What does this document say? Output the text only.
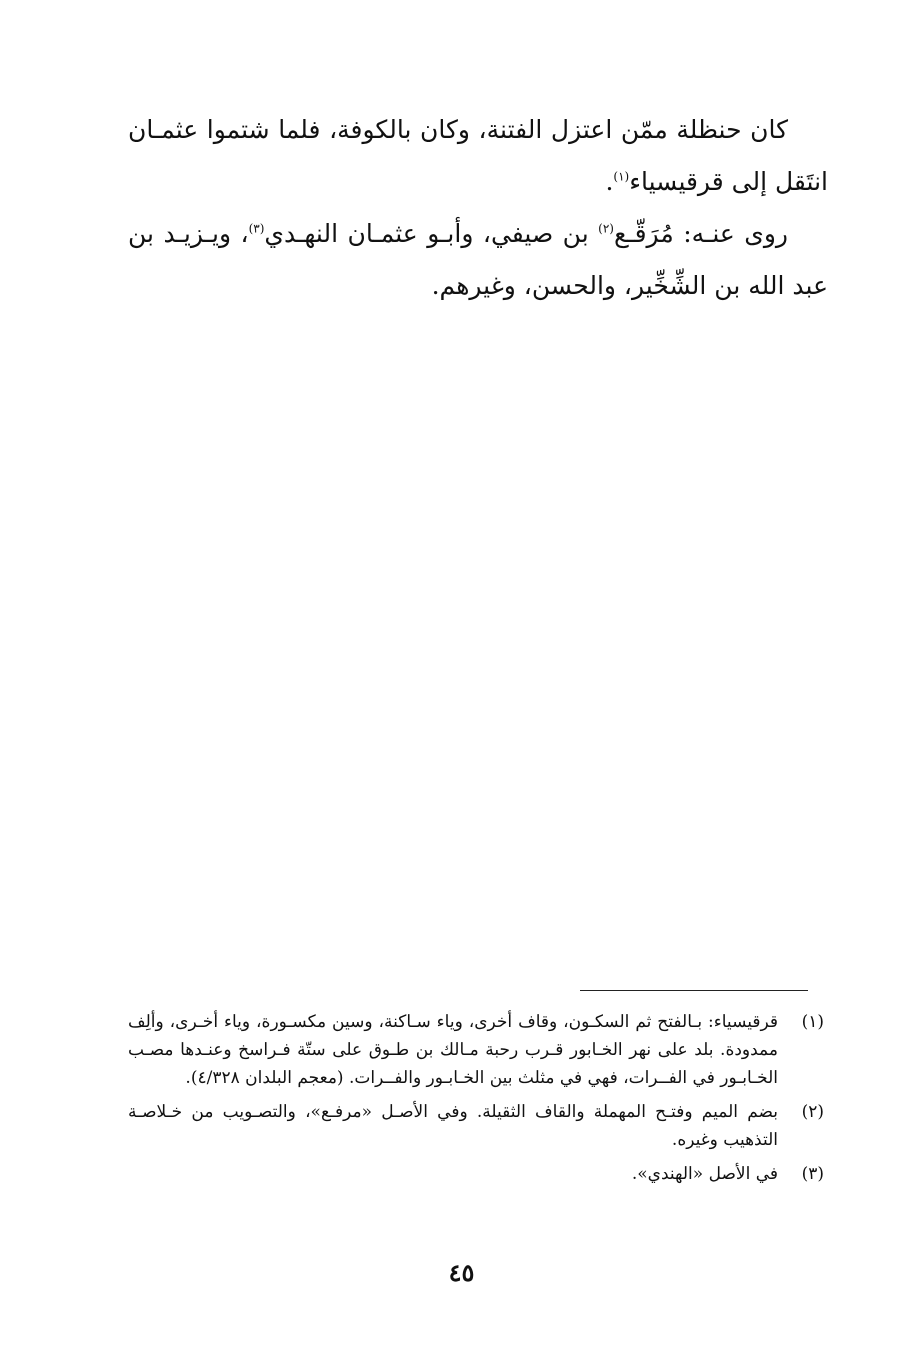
كان حنظلة ممّن اعتزل الفتنة، وكان بالكوفة، فلما شتموا عثمـان انتَقل إلى قرقيسياء$^{(١)}$.

روى عنـه: مُرَقّـع$^{(٢)}$ بن صيفي، وأبـو عثمـان النهـدي$^{(٣)}$، ويـزيـد بن عبد الله بن الشِّخِّير، والحسن، وغيرهم.

(١)
قرقيسياء: بـالفتح ثم السكـون، وقاف أخرى، وياء سـاكنة، وسين مكسـورة، وياء أخـرى، وألِف ممدودة. بلد على نهر الخـابور قـرب رحبة مـالك بن طـوق على ستّة فـراسخ وعنـدها مصـب الخـابـور في الفــرات، فهي في مثلث بين الخـابـور والفــرات. (معجم البلدان ٤/٣٢٨).
(٢)
بضم الميم وفتـح المهملة والقاف الثقيلة. وفي الأصـل «مرفـع»، والتصـويب من خـلاصـة التذهيب وغيره.
(٣)
في الأصل «الهندي».
٤٥
